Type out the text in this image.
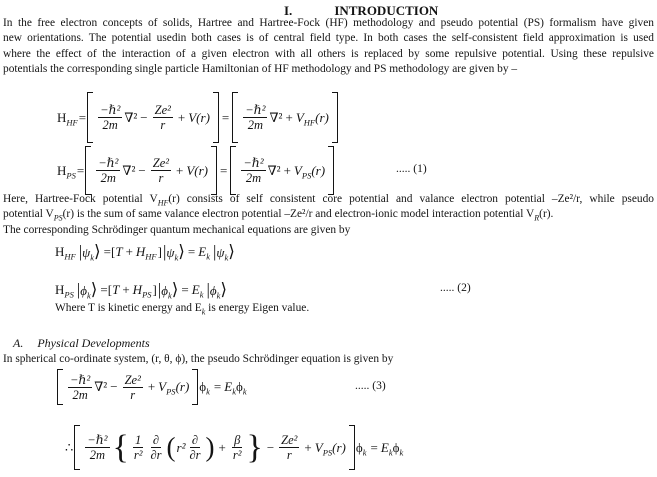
I.	INTRODUCTION
In the free electron concepts of solids, Hartree and Hartree-Fock (HF) methodology and pseudo potential (PS) formalism have given
new orientations. The potential usedin both cases is of central field type. In both cases the self-consistent field approximation is used
where the effect of the interaction of a given electron with all others is replaced by some repulsive potential. Using these repulsive
potentials the corresponding single particle Hamiltonian of HF methodology and PS methodology are given by –
$H_{HF} = \frac{\text{−ℏ²}}{2m} \nabla^2 - \frac{\text{Ze²}}{r} + V(r) = \frac{\text{−ℏ²}}{2m} \nabla^2 + V_{HF}(r)$
$H_{PS} = \frac{\text{−ℏ²}}{2m} \nabla^2 - \frac{\text{Ze²}}{r} + V(r) = \frac{\text{−ℏ²}}{2m} \nabla^2 + V_{PS}(r)$	..... (1)
Here, Hartree-Fock potential $V_{HF}(r)$ consists of self consistent core potential and valance electron potential –Ze²/r, while pseudo
potential $V_{PS}(r)$ is the sum of same valance electron potential –Ze²/r and electron-ionic model interaction potential $V_R(r)$.
The corresponding Schrödinger quantum mechanical equations are given by
$H_{HF}$ $|\psi_k⟩$ = [ $T + H_{HF}$ ] $|\psi_k⟩ = E_k$ $|\psi_k⟩$
$H_{PS}$ $|\phi_k⟩$ = [ $T + H_{PS}$ ] $|\phi_k⟩ = E_k$ $|\phi_k⟩$	..... (2)
Where T is kinetic energy and $E_k$ is energy Eigen value.
A. Physical Developments
In spherical co-ordinate system, (r, θ, ϕ), the pseudo Schrödinger equation is given by
$\frac{\text{−ℏ²}}{2m} \nabla^2 - \frac{\text{Ze²}}{r} + V_{PS}(r) \phi_k = E_k$ $\phi_k$	..... (3)
∴ $\frac{\text{−ℏ²}}{2m}$ { $\frac{1}{\text{r²}} \frac{\partial}{\partial r}$ ( $r^2 \frac{\partial}{\partial r}$ ) + $\frac{\beta}{\text{r²}}$ } − $\frac{\text{Ze²}}{r} + V_{PS}(r) \phi_k = E_k$ $\phi_k$
